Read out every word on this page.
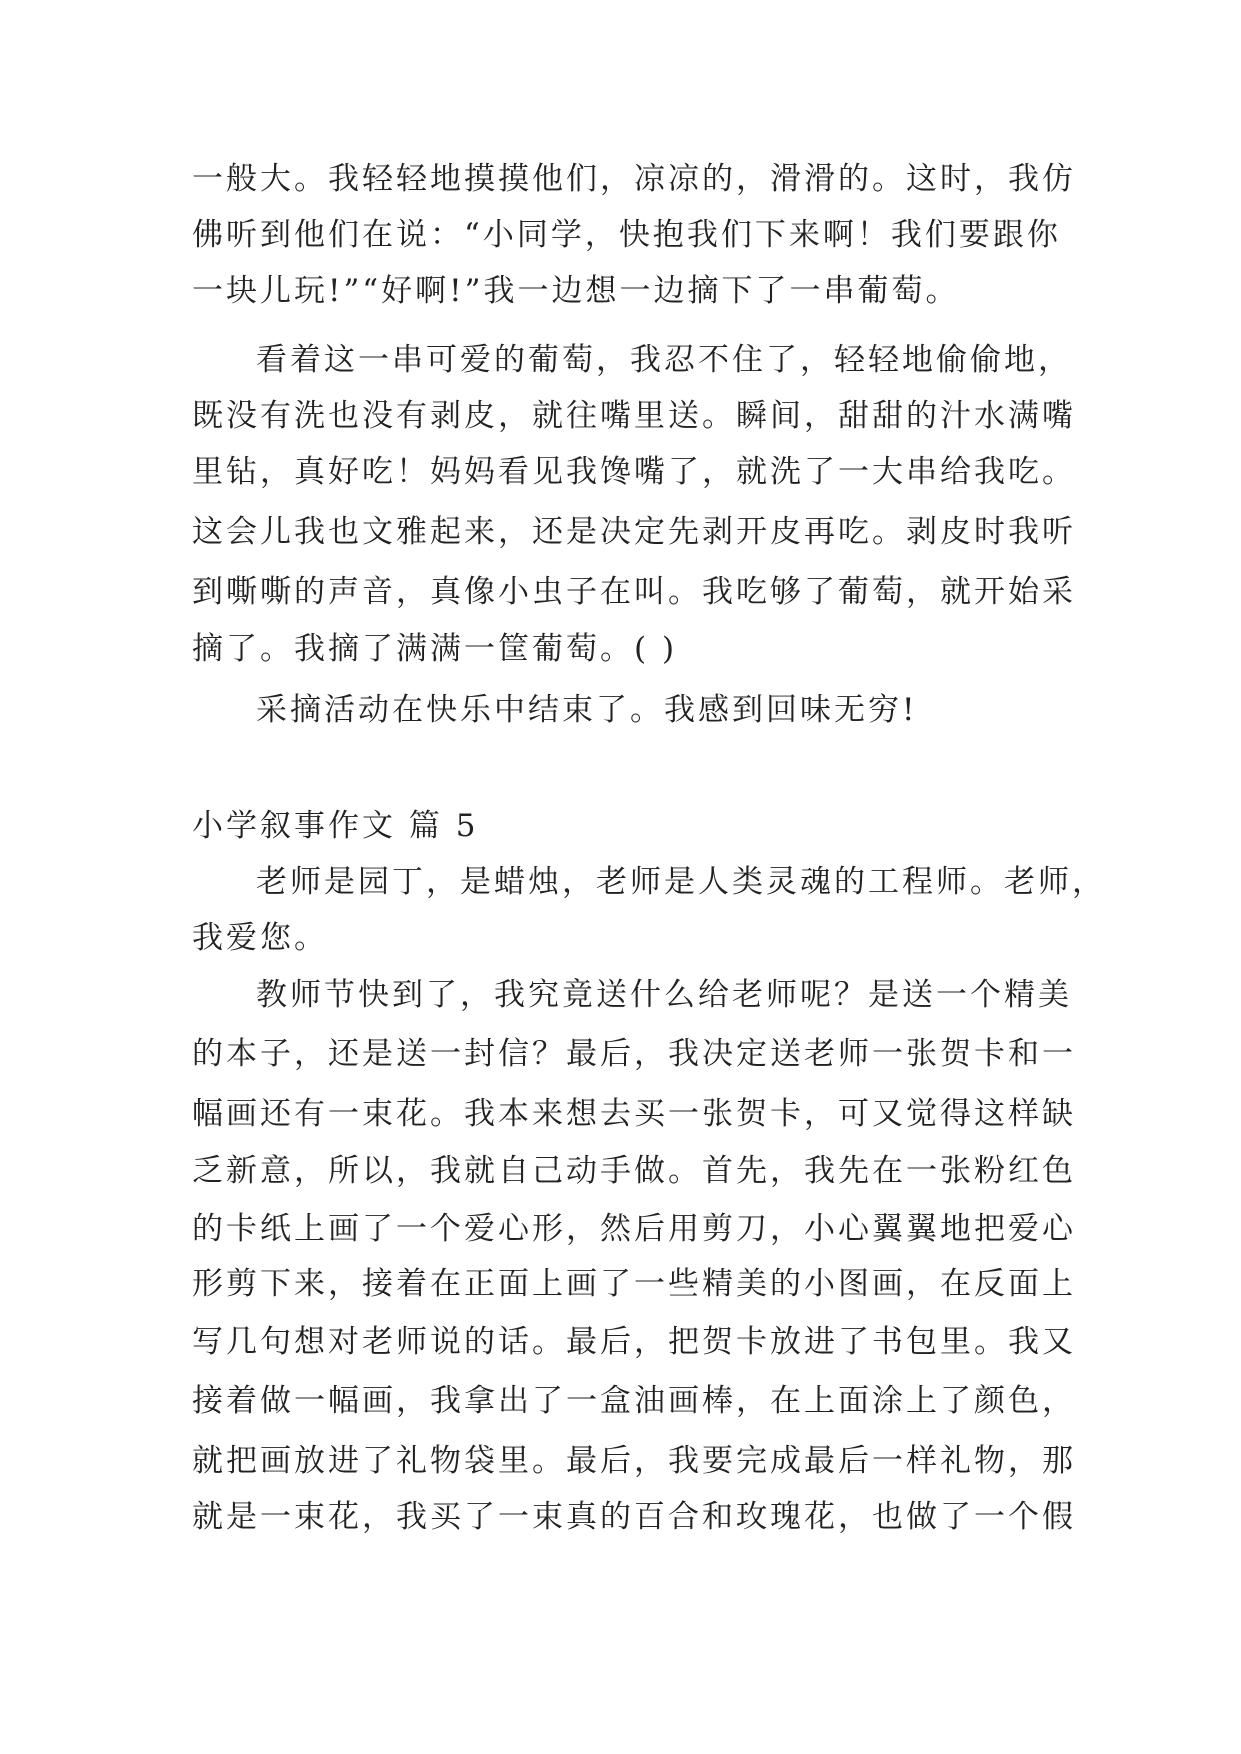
一般大。我轻轻地摸摸他们，凉凉的，滑滑的。这时，我仿
佛听到他们在说：“小同学，快抱我们下来啊！我们要跟你
一块儿玩!”“好啊!”我一边想一边摘下了一串葡萄。
看着这一串可爱的葡萄，我忍不住了，轻轻地偷偷地，
既没有洗也没有剥皮，就往嘴里送。瞬间，甜甜的汁水满嘴
里钻，真好吃！妈妈看见我馋嘴了，就洗了一大串给我吃。
这会儿我也文雅起来，还是决定先剥开皮再吃。剥皮时我听
到嘶嘶的声音，真像小虫子在叫。我吃够了葡萄，就开始采
摘了。我摘了满满一筐葡萄。( )
采摘活动在快乐中结束了。我感到回味无穷!
小学叙事作文 篇 5
老师是园丁，是蜡烛，老师是人类灵魂的工程师。老师，
我爱您。
教师节快到了，我究竟送什么给老师呢？是送一个精美
的本子，还是送一封信？最后，我决定送老师一张贺卡和一
幅画还有一束花。我本来想去买一张贺卡，可又觉得这样缺
乏新意，所以，我就自己动手做。首先，我先在一张粉红色
的卡纸上画了一个爱心形，然后用剪刀，小心翼翼地把爱心
形剪下来，接着在正面上画了一些精美的小图画，在反面上
写几句想对老师说的话。最后，把贺卡放进了书包里。我又
接着做一幅画，我拿出了一盒油画棒，在上面涂上了颜色，
就把画放进了礼物袋里。最后，我要完成最后一样礼物，那
就是一束花，我买了一束真的百合和玫瑰花，也做了一个假
